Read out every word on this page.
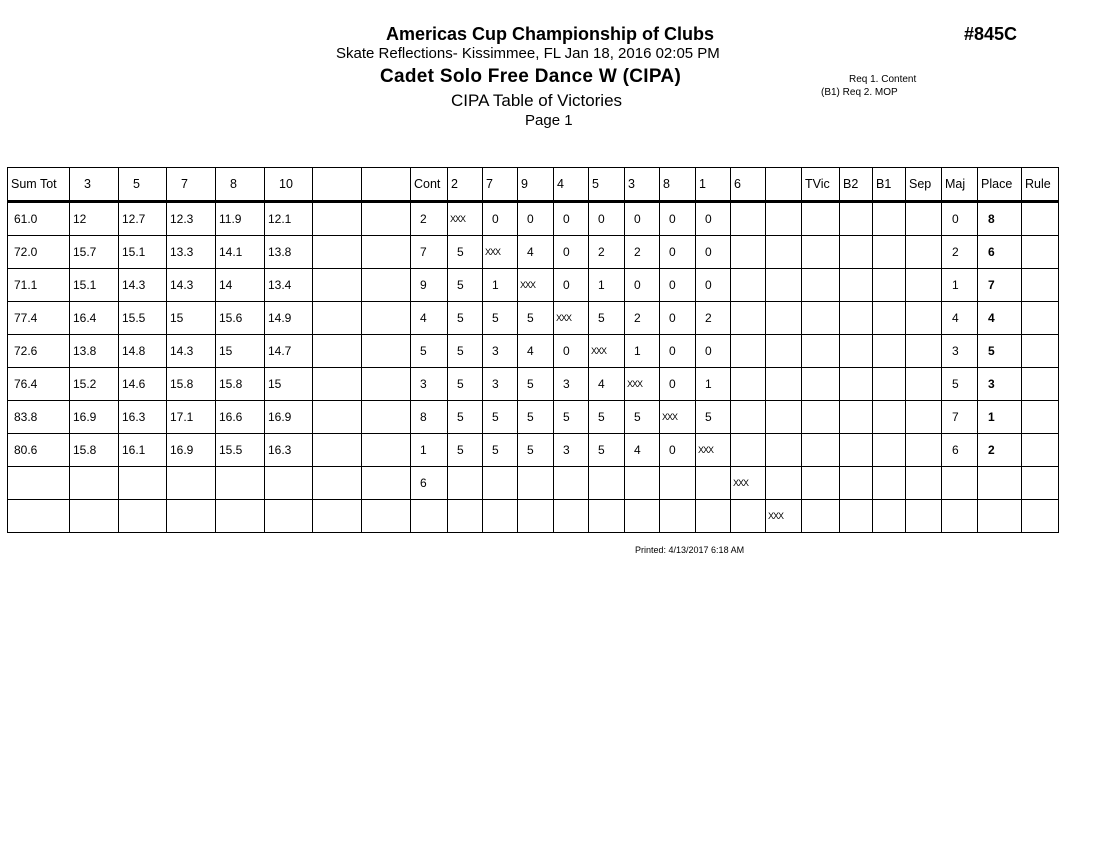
Americas Cup Championship of Clubs
Skate Reflections- Kissimmee, FL Jan 18, 2016 02:05 PM
Cadet Solo Free Dance W (CIPA)
CIPA Table of Victories
Page 1
#845C
Req 1. Content
(B1) Req 2. MOP
Sum Tot	3	5	7	8	10			Cont	2	7	9	4	5	3	8	1	6		TVic	B2	B1	Sep	Maj	Place	Rule
61.0	12	12.7	12.3	11.9	12.1			2	XXX	0	0	0	0	0	0	0							0	8	
72.0	15.7	15.1	13.3	14.1	13.8			7	5	XXX	4	0	2	2	0	0							2	6	
71.1	15.1	14.3	14.3	14	13.4			9	5	1	XXX	0	1	0	0	0							1	7	
77.4	16.4	15.5	15	15.6	14.9			4	5	5	5	XXX	5	2	0	2							4	4	
72.6	13.8	14.8	14.3	15	14.7			5	5	3	4	0	XXX	1	0	0							3	5	
76.4	15.2	14.6	15.8	15.8	15			3	5	3	5	3	4	XXX	0	1							5	3	
83.8	16.9	16.3	17.1	16.6	16.9			8	5	5	5	5	5	5	XXX	5							7	1	
80.6	15.8	16.1	16.9	15.5	16.3			1	5	5	5	3	5	4	0	XXX							6	2	
								6									XXX								
																		XXX							
Printed: 4/13/2017 6:18 AM
